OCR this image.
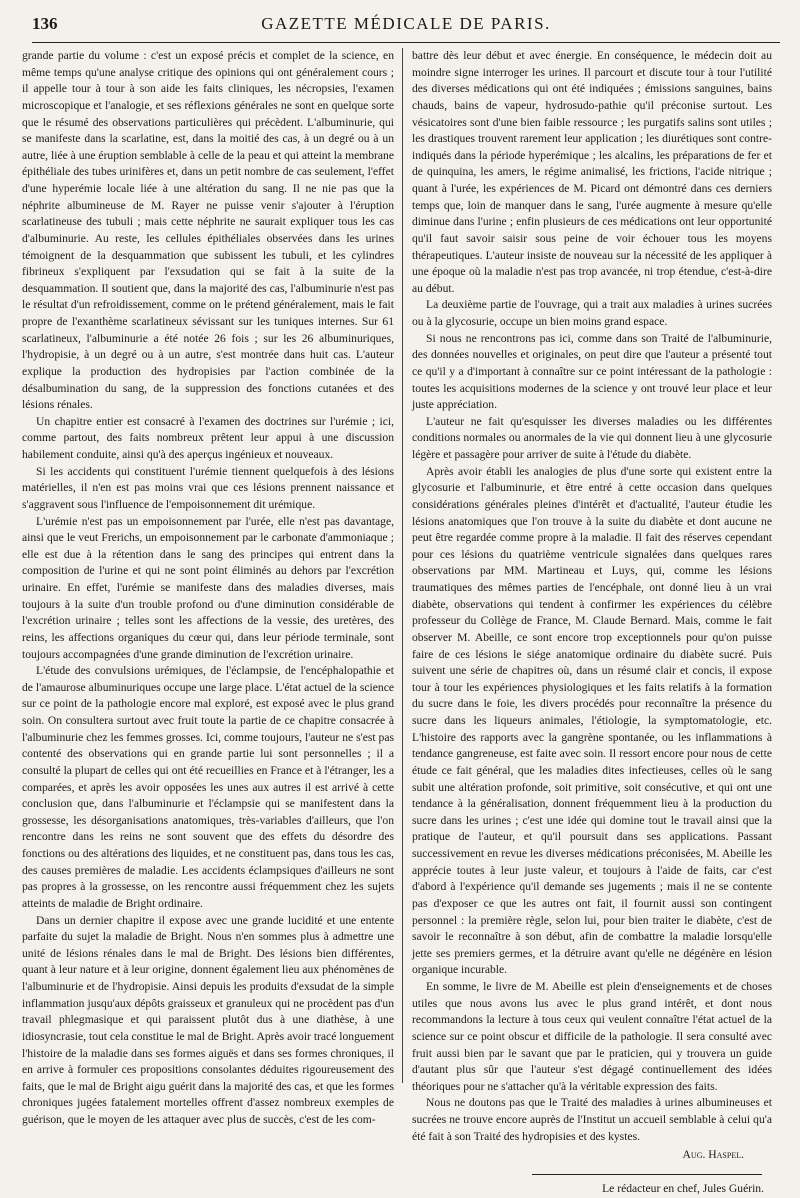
136	GAZETTE MÉDICALE DE PARIS.

grande partie du volume : c'est un exposé précis et complet de la science, en même temps qu'une analyse critique des opinions qui ont généralement cours ; il appelle tour à tour à son aide les faits cliniques, les nécropsies, l'examen microscopique et l'analogie, et ses réflexions générales ne sont en quelque sorte que le résumé des observations particulières qui précèdent. L'albuminurie, qui se manifeste dans la scarlatine, est, dans la moitié des cas, à un degré ou à un autre, liée à une éruption semblable à celle de la peau et qui atteint la membrane épithéliale des tubes urinifères et, dans un petit nombre de cas seulement, l'effet d'une hyperémie locale liée à une altération du sang. Il ne nie pas que la néphrite albumineuse de M. Rayer ne puisse venir s'ajouter à l'éruption scarlatineuse des tubuli ; mais cette néphrite ne saurait expliquer tous les cas d'albuminurie. Au reste, les cellules épithéliales observées dans les urines témoignent de la desquammation que subissent les tubuli, et les cylindres fibrineux s'expliquent par l'exsudation qui se fait à la suite de la desquammation. Il soutient que, dans la majorité des cas, l'albuminurie n'est pas le résultat d'un refroidissement, comme on le prétend généralement, mais le fait propre de l'exanthème scarlatineux sévissant sur les tuniques internes. Sur 61 scarlatineux, l'albuminurie a été notée 26 fois ; sur les 26 albuminuriques, l'hydropisie, à un degré ou à un autre, s'est montrée dans huit cas. L'auteur explique la production des hydropisies par l'action combinée de la désalbumination du sang, de la suppression des fonctions cutanées et des lésions rénales.

Un chapitre entier est consacré à l'examen des doctrines sur l'urémie ; ici, comme partout, des faits nombreux prêtent leur appui à une discussion habilement conduite, ainsi qu'à des aperçus ingénieux et nouveaux.

Si les accidents qui constituent l'urémie tiennent quelquefois à des lésions matérielles, il n'en est pas moins vrai que ces lésions prennent naissance et s'aggravent sous l'influence de l'empoisonnement dit urémique.

L'urémie n'est pas un empoisonnement par l'urée, elle n'est pas davantage, ainsi que le veut Frerichs, un empoisonnement par le carbonate d'ammoniaque ; elle est due à la rétention dans le sang des principes qui entrent dans la composition de l'urine et qui ne sont point éliminés au dehors par l'excrétion urinaire. En effet, l'urémie se manifeste dans des maladies diverses, mais toujours à la suite d'un trouble profond ou d'une diminution considérable de l'excrétion urinaire ; telles sont les affections de la vessie, des uretères, des reins, les affections organiques du cœur qui, dans leur période terminale, sont toujours accompagnées d'une grande diminution de l'excrétion urinaire.

L'étude des convulsions urémiques, de l'éclampsie, de l'encéphalopathie et de l'amaurose albuminuriques occupe une large place. L'état actuel de la science sur ce point de la pathologie encore mal exploré, est exposé avec le plus grand soin. On consultera surtout avec fruit toute la partie de ce chapitre consacrée à l'albuminurie chez les femmes grosses. Ici, comme toujours, l'auteur ne s'est pas contenté des observations qui en grande partie lui sont personnelles ; il a consulté la plupart de celles qui ont été recueillies en France et à l'étranger, les a comparées, et après les avoir opposées les unes aux autres il est arrivé à cette conclusion que, dans l'albuminurie et l'éclampsie qui se manifestent dans la grossesse, les désorganisations anatomiques, très-variables d'ailleurs, que l'on rencontre dans les reins ne sont souvent que des effets du désordre des fonctions ou des altérations des liquides, et ne constituent pas, dans tous les cas, des causes premières de maladie. Les accidents éclampsiques d'ailleurs ne sont pas propres à la grossesse, on les rencontre aussi fréquemment chez les sujets atteints de maladie de Bright ordinaire.

Dans un dernier chapitre il expose avec une grande lucidité et une entente parfaite du sujet la maladie de Bright. Nous n'en sommes plus à admettre une unité de lésions rénales dans le mal de Bright. Des lésions bien différentes, quant à leur nature et à leur origine, donnent également lieu aux phénomènes de l'albuminurie et de l'hydropisie. Ainsi depuis les produits d'exsudat de la simple inflammation jusqu'aux dépôts graisseux et granuleux qui ne procèdent pas d'un travail phlegmasique et qui paraissent plutôt dus à une diathèse, à une idiosyncrasie, tout cela constitue le mal de Bright. Après avoir tracé longuement l'histoire de la maladie dans ses formes aiguës et dans ses formes chroniques, il en arrive à formuler ces propositions consolantes déduites rigoureusement des faits, que le mal de Bright aigu guérit dans la majorité des cas, et que les formes chroniques jugées fatalement mortelles offrent d'assez nombreux exemples de guérison, que le moyen de les attaquer avec plus de succès, c'est de les com-

battre dès leur début et avec énergie. En conséquence, le médecin doit au moindre signe interroger les urines. Il parcourt et discute tour à tour l'utilité des diverses médications qui ont été indiquées ; émissions sanguines, bains chauds, bains de vapeur, hydrosudo-pathie qu'il préconise surtout. Les vésicatoires sont d'une bien faible ressource ; les purgatifs salins sont utiles ; les drastiques trouvent rarement leur application ; les diurétiques sont contre-indiqués dans la période hyperémique ; les alcalins, les préparations de fer et de quinquina, les amers, le régime animalisé, les frictions, l'acide nitrique ; quant à l'urée, les expériences de M. Picard ont démontré dans ces derniers temps que, loin de manquer dans le sang, l'urée augmente à mesure qu'elle diminue dans l'urine ; enfin plusieurs de ces médications ont leur opportunité qu'il faut savoir saisir sous peine de voir échouer tous les moyens thérapeutiques. L'auteur insiste de nouveau sur la nécessité de les appliquer à une époque où la maladie n'est pas trop avancée, ni trop étendue, c'est-à-dire au début.

La deuxième partie de l'ouvrage, qui a trait aux maladies à urines sucrées ou à la glycosurie, occupe un bien moins grand espace.

Si nous ne rencontrons pas ici, comme dans son Traité de l'albuminurie, des données nouvelles et originales, on peut dire que l'auteur a présenté tout ce qu'il y a d'important à connaître sur ce point intéressant de la pathologie : toutes les acquisitions modernes de la science y ont trouvé leur place et leur juste appréciation.

L'auteur ne fait qu'esquisser les diverses maladies ou les différentes conditions normales ou anormales de la vie qui donnent lieu à une glycosurie légère et passagère pour arriver de suite à l'étude du diabète.

Après avoir établi les analogies de plus d'une sorte qui existent entre la glycosurie et l'albuminurie, et être entré à cette occasion dans quelques considérations générales pleines d'intérêt et d'actualité, l'auteur étudie les lésions anatomiques que l'on trouve à la suite du diabète et dont aucune ne peut être regardée comme propre à la maladie. Il fait des réserves cependant pour ces lésions du quatrième ventricule signalées dans quelques rares observations par MM. Martineau et Luys, qui, comme les lésions traumatiques des mêmes parties de l'encéphale, ont donné lieu à un vrai diabète, observations qui tendent à confirmer les expériences du célèbre professeur du Collège de France, M. Claude Bernard. Mais, comme le fait observer M. Abeille, ce sont encore trop exceptionnels pour qu'on puisse faire de ces lésions le siége anatomique ordinaire du diabète sucré. Puis suivent une série de chapitres où, dans un résumé clair et concis, il expose tour à tour les expériences physiologiques et les faits relatifs à la formation du sucre dans le foie, les divers procédés pour reconnaître la présence du sucre dans les liqueurs animales, l'étiologie, la symptomatologie, etc. L'histoire des rapports avec la gangrène spontanée, ou les inflammations à tendance gangreneuse, est faite avec soin. Il ressort encore pour nous de cette étude ce fait général, que les maladies dites infectieuses, celles où le sang subit une altération profonde, soit primitive, soit consécutive, et qui ont une tendance à la généralisation, donnent fréquemment lieu à la production du sucre dans les urines ; c'est une idée qui domine tout le travail ainsi que la pratique de l'auteur, et qu'il poursuit dans ses applications. Passant successivement en revue les diverses médications préconisées, M. Abeille les apprécie toutes à leur juste valeur, et toujours à l'aide de faits, car c'est d'abord à l'expérience qu'il demande ses jugements ; mais il ne se contente pas d'exposer ce que les autres ont fait, il fournit aussi son contingent personnel : la première règle, selon lui, pour bien traiter le diabète, c'est de savoir le reconnaître à son début, afin de combattre la maladie lorsqu'elle jette ses premiers germes, et la détruire avant qu'elle ne dégénère en lésion organique incurable.

En somme, le livre de M. Abeille est plein d'enseignements et de choses utiles que nous avons lus avec le plus grand intérêt, et dont nous recommandons la lecture à tous ceux qui veulent connaître l'état actuel de la science sur ce point obscur et difficile de la pathologie. Il sera consulté avec fruit aussi bien par le savant que par le praticien, qui y trouvera un guide d'autant plus sûr que l'auteur s'est dégagé continuellement des idées théoriques pour ne s'attacher qu'à la véritable expression des faits.

Nous ne doutons pas que le Traité des maladies à urines albumineuses et sucrées ne trouve encore auprès de l'Institut un accueil semblable à celui qu'a été fait à son Traité des hydropisies et des kystes.

Aug. Haspel.
Le rédacteur en chef, Jules Guérin.
